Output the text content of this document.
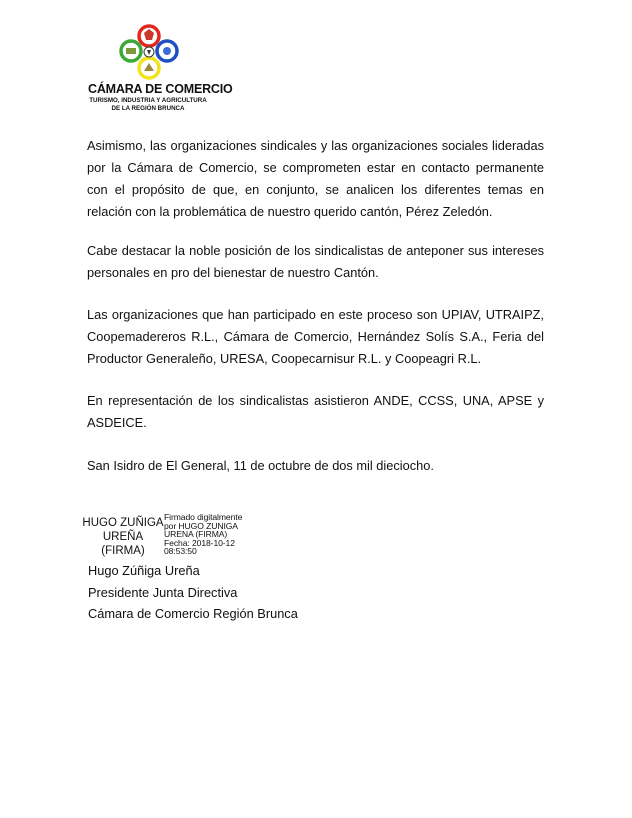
CÁMARA DE COMERCIO
TURISMO, INDUSTRIA Y AGRICULTURA
DE LA REGIÓN BRUNCA

Asimismo, las organizaciones sindicales y las organizaciones sociales lideradas por la Cámara de Comercio, se comprometen estar en contacto permanente con el propósito de que, en conjunto, se analicen los diferentes temas en relación con la problemática de nuestro querido cantón, Pérez Zeledón.

Cabe destacar la noble posición de los sindicalistas de anteponer sus intereses personales en pro del bienestar de nuestro Cantón.

Las organizaciones que han participado en este proceso son UPIAV, UTRAIPZ, Coopemadereros R.L., Cámara de Comercio, Hernández Solís S.A., Feria del Productor Generaleño, URESA, Coopecarnisur R.L. y Coopeagri R.L.

En representación de los sindicalistas asistieron ANDE, CCSS, UNA, APSE y ASDEICE.

San Isidro de El General, 11 de octubre de dos mil dieciocho.

HUGO ZUÑIGA
UREÑA
(FIRMA)
Firmado digitalmente
por HUGO ZUNIGA
URENA (FIRMA)
Fecha: 2018-10-12
08:53:50
Hugo Zúñiga Ureña
Presidente Junta Directiva
Cámara de Comercio Región Brunca
